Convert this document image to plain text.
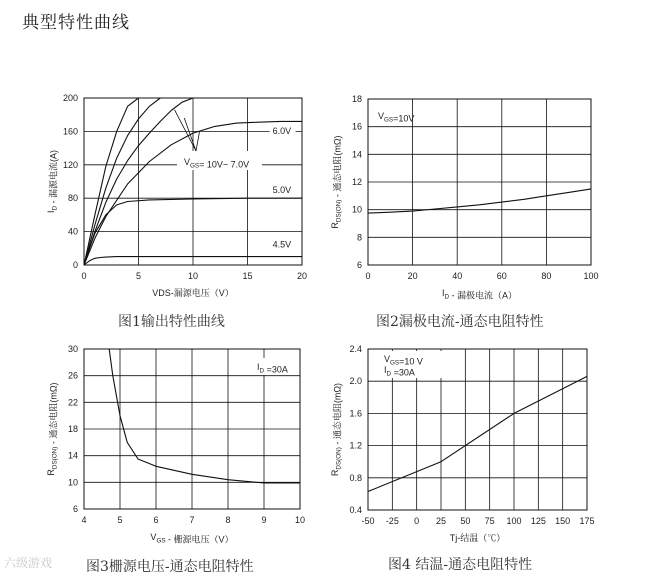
典型特性曲线
0	5	10	15	20
0
40
80
120
160
200
VDS-漏源电压（V）
$I_D$ - 漏源电流(A)
6.0V
5.0V
4.5V
$V_{GS}=$ 10V~ 7.0V
0	20	40	60	80	100
6
8
10
12
14
16
18
$I_D$ - 漏极电流（A）
$R_{DS(ON)}$ - 通态电阻(mΩ)
$V_{GS}=10V$
4	5	6	7	8	9	10
6
10
14
18
22
26
30
$V_{GS}$ - 栅源电压（V）
$R_{DS(ON)}$ - 通态电阻(mΩ)
$I_D =30A$
-50 -25 0 25 50 75 100 125 150 175
0.4
0.8
1.2
1.6
2.0
2.4
Tj-结温（℃）
$R_{DS(ON)}$ - 通态电阻(mΩ)
$V_{GS}=10$ V
$I_D =30A$
图1输出特性曲线	图2漏极电流-通态电阻特性
图3栅源电压-通态电阻特性	图4 结温-通态电阻特性
六级游戏
